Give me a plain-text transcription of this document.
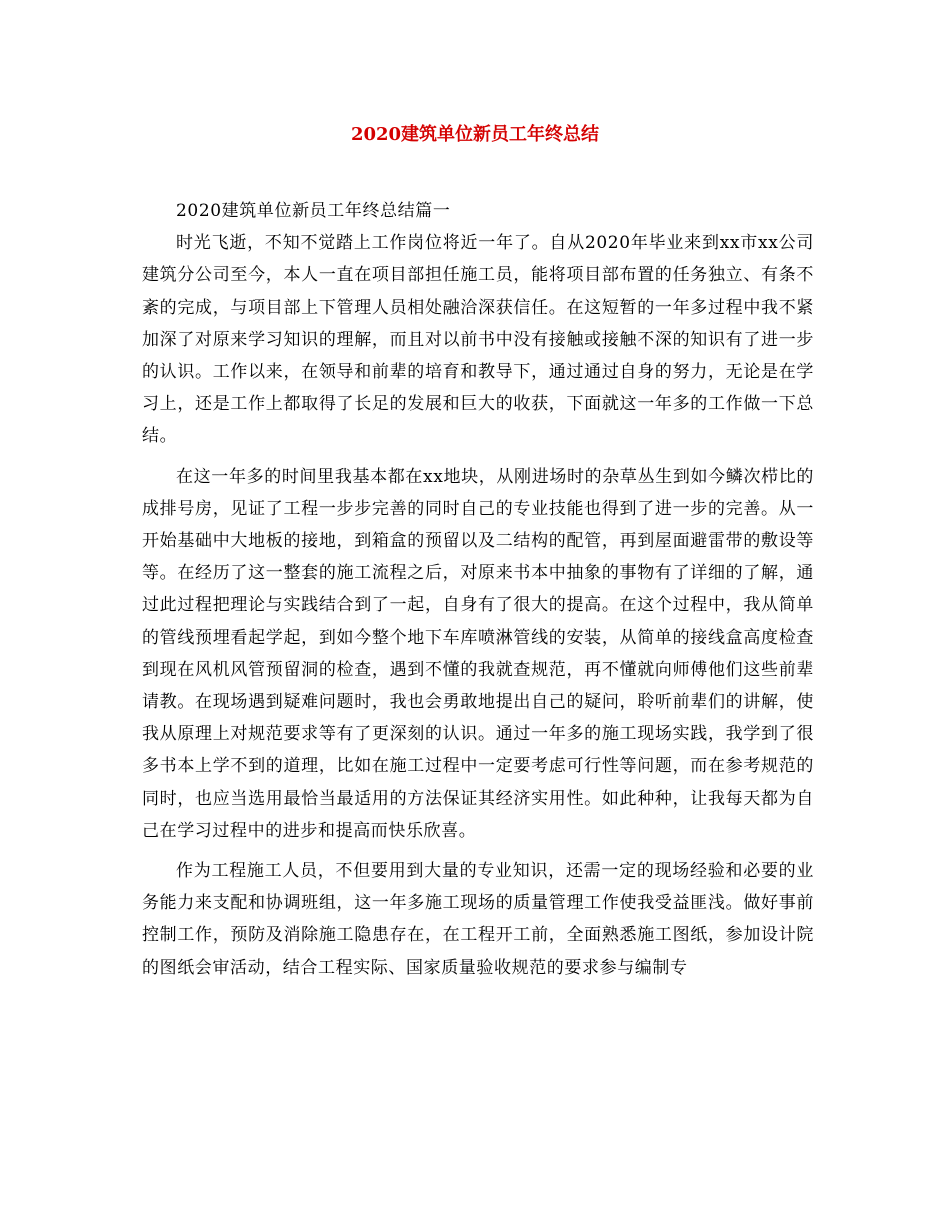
2020建筑单位新员工年终总结

2020建筑单位新员工年终总结篇一

时光飞逝，不知不觉踏上工作岗位将近一年了。自从2020年毕业来到xx市xx公司建筑分公司至今，本人一直在项目部担任施工员，能将项目部布置的任务独立、有条不紊的完成，与项目部上下管理人员相处融洽深获信任。在这短暂的一年多过程中我不紧加深了对原来学习知识的理解，而且对以前书中没有接触或接触不深的知识有了进一步的认识。工作以来，在领导和前辈的培育和教导下，通过通过自身的努力，无论是在学习上，还是工作上都取得了长足的发展和巨大的收获，下面就这一年多的工作做一下总结。

在这一年多的时间里我基本都在xx地块，从刚进场时的杂草丛生到如今鳞次栉比的成排号房，见证了工程一步步完善的同时自己的专业技能也得到了进一步的完善。从一开始基础中大地板的接地，到箱盒的预留以及二结构的配管，再到屋面避雷带的敷设等等。在经历了这一整套的施工流程之后，对原来书本中抽象的事物有了详细的了解，通过此过程把理论与实践结合到了一起，自身有了很大的提高。在这个过程中，我从简单的管线预埋看起学起，到如今整个地下车库喷淋管线的安装，从简单的接线盒高度检查到现在风机风管预留洞的检查，遇到不懂的我就查规范，再不懂就向师傅他们这些前辈请教。在现场遇到疑难问题时，我也会勇敢地提出自己的疑问，聆听前辈们的讲解，使我从原理上对规范要求等有了更深刻的认识。通过一年多的施工现场实践，我学到了很多书本上学不到的道理，比如在施工过程中一定要考虑可行性等问题，而在参考规范的同时，也应当选用最恰当最适用的方法保证其经济实用性。如此种种，让我每天都为自己在学习过程中的进步和提高而快乐欣喜。

作为工程施工人员，不但要用到大量的专业知识，还需一定的现场经验和必要的业务能力来支配和协调班组，这一年多施工现场的质量管理工作使我受益匪浅。做好事前控制工作，预防及消除施工隐患存在，在工程开工前，全面熟悉施工图纸，参加设计院的图纸会审活动，结合工程实际、国家质量验收规范的要求参与编制专
